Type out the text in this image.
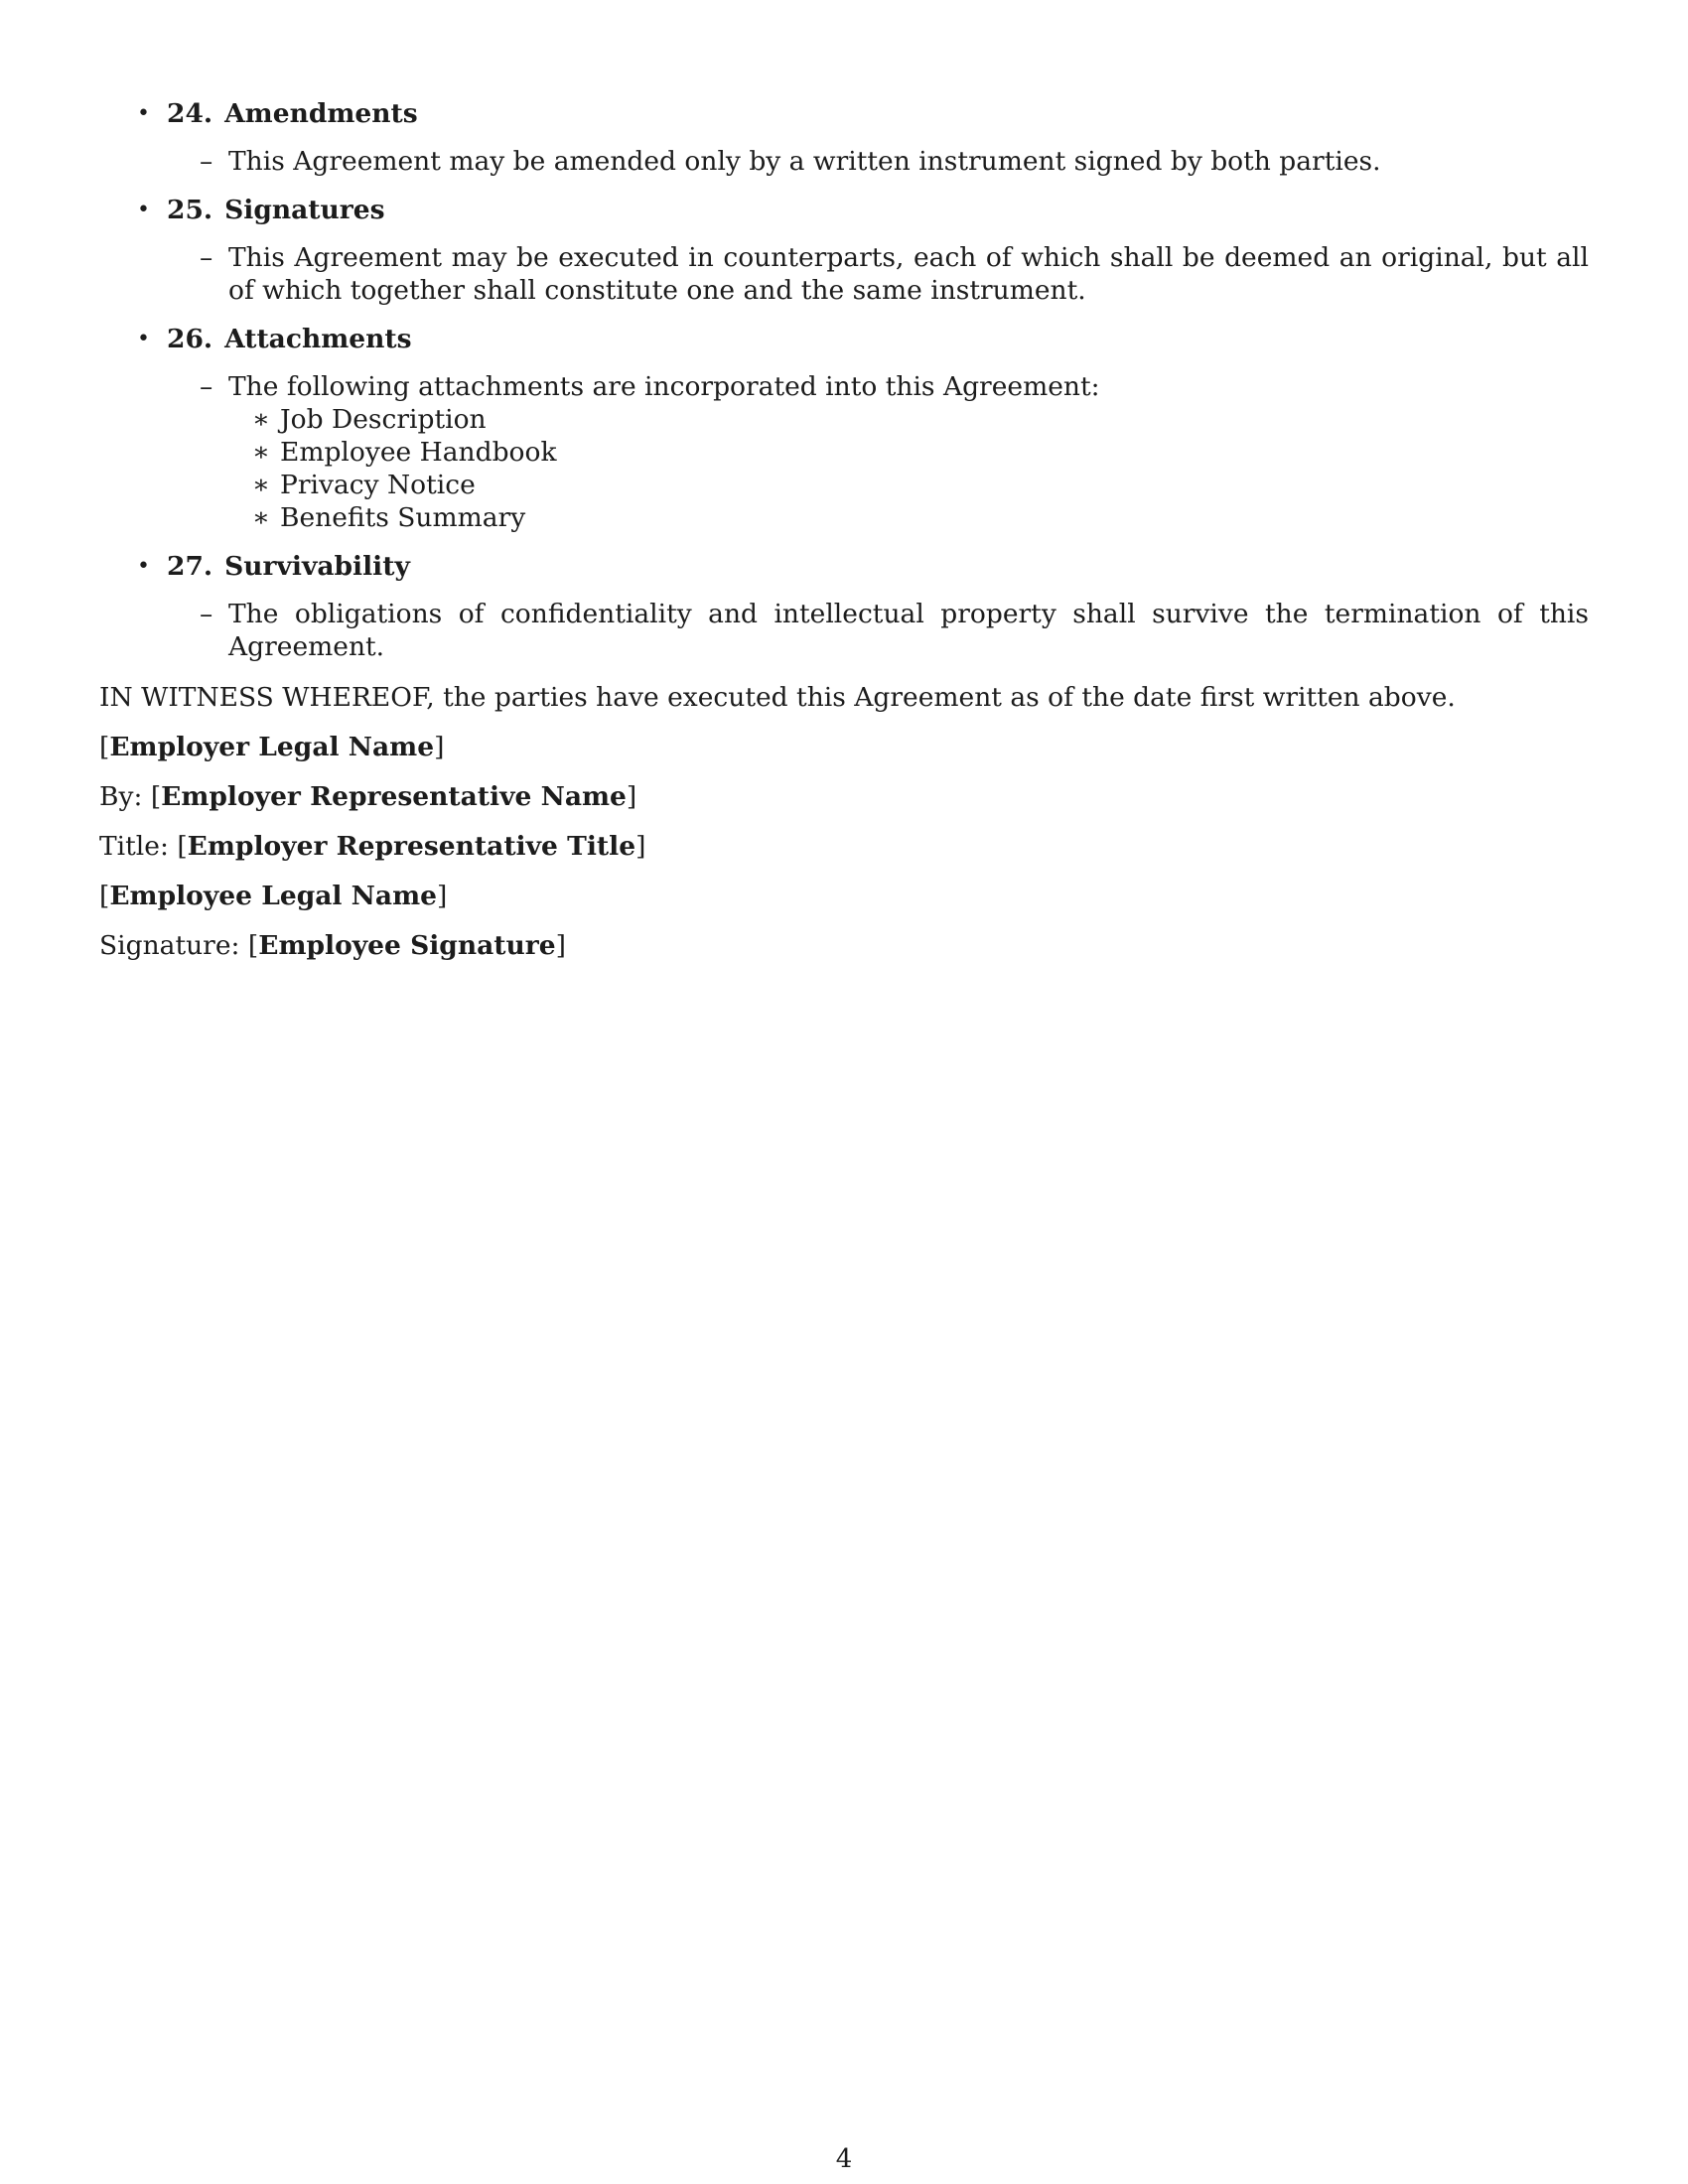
• 24. Amendments
– This Agreement may be amended only by a written instrument signed by both parties.
• 25. Signatures
– This Agreement may be executed in counterparts, each of which shall be deemed an original, but all of which together shall constitute one and the same instrument.
• 26. Attachments
– The following attachments are incorporated into this Agreement:
∗ Job Description
∗ Employee Handbook
∗ Privacy Notice
∗ Benefits Summary
• 27. Survivability
– The obligations of confidentiality and intellectual property shall survive the termination of this Agreement.
IN WITNESS WHEREOF, the parties have executed this Agreement as of the date first written above.
[Employer Legal Name]
By: [Employer Representative Name]
Title: [Employer Representative Title]
[Employee Legal Name]
Signature: [Employee Signature]
4
